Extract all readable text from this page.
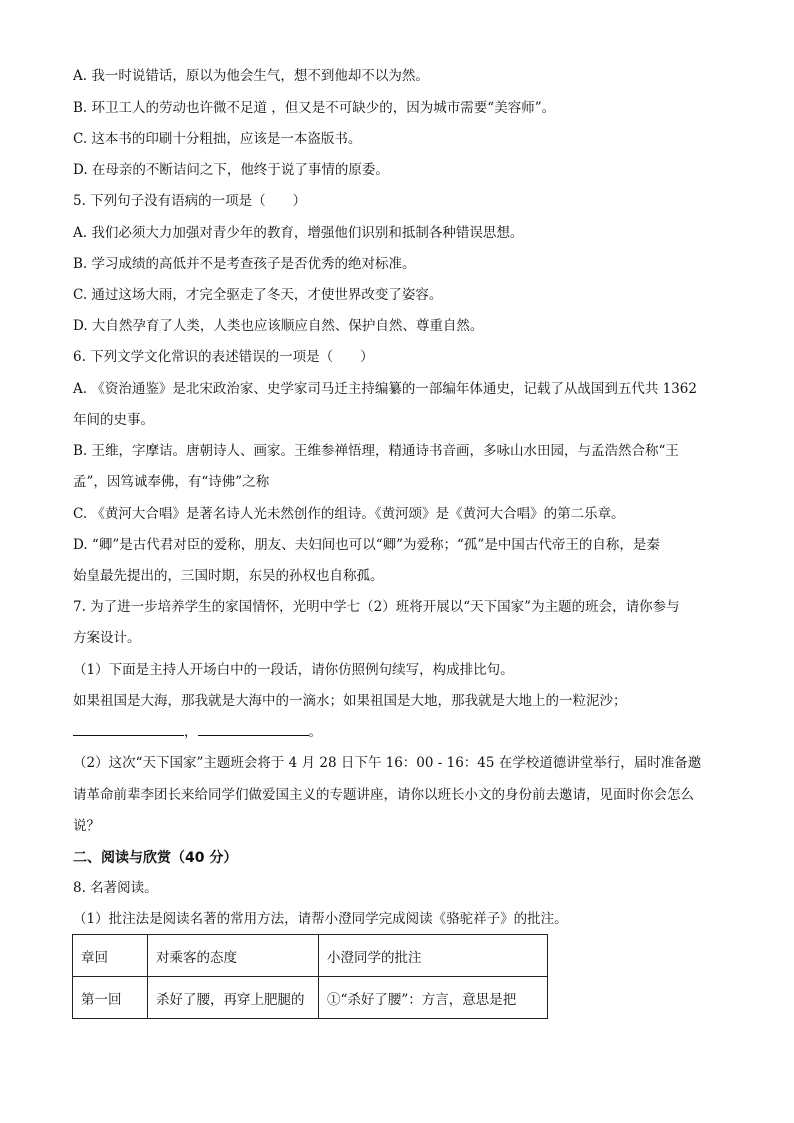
A. 我一时说错话，原以为他会生气，想不到他却不以为然。
B. 环卫工人的劳动也许微不足道 ，但又是不可缺少的，因为城市需要“美容师”。
C. 这本书的印刷十分粗拙，应该是一本盗版书。
D. 在母亲的不断诘问之下，他终于说了事情的原委。
5. 下列句子没有语病的一项是（　　）
A. 我们必须大力加强对青少年的教育，增强他们识别和抵制各种错误思想。
B. 学习成绩的高低并不是考查孩子是否优秀的绝对标准。
C. 通过这场大雨，才完全驱走了冬天，才使世界改变了姿容。
D. 大自然孕育了人类，人类也应该顺应自然、保护自然、尊重自然。
6. 下列文学文化常识的表述错误的一项是（　　）
A. 《资治通鉴》是北宋政治家、史学家司马迁主持编纂的一部编年体通史，记载了从战国到五代共 1362
年间的史事。
B. 王维，字摩诘。唐朝诗人、画家。王维参禅悟理，精通诗书音画，多咏山水田园，与孟浩然合称“王
孟”，因笃诚奉佛，有“诗佛”之称
C. 《黄河大合唱》是著名诗人光未然创作的组诗。《黄河颂》是《黄河大合唱》的第二乐章。
D. “卿”是古代君对臣的爱称，朋友、夫妇间也可以“卿”为爱称；“孤”是中国古代帝王的自称，是秦
始皇最先提出的，三国时期，东吴的孙权也自称孤。
7. 为了进一步培养学生的家国情怀，光明中学七（2）班将开展以“天下国家”为主题的班会，请你参与
方案设计。
（1）下面是主持人开场白中的一段话，请你仿照例句续写，构成排比句。
如果祖国是大海，那我就是大海中的一滴水；如果祖国是大地，那我就是大地上的一粒泥沙；
，	。
（2）这次“天下国家”主题班会将于 4 月 28 日下午 16：00 - 16：45 在学校道德讲堂举行，届时准备邀
请革命前辈李团长来给同学们做爱国主义的专题讲座，请你以班长小文的身份前去邀请，见面时你会怎么
说？
二、阅读与欣赏（40 分）
8. 名著阅读。
（1）批注法是阅读名著的常用方法，请帮小澄同学完成阅读《骆驼祥子》的批注。
章回	对乘客的态度	小澄同学的批注
第一回	杀好了腰，再穿上肥腿的	①“杀好了腰”：方言，意思是把
